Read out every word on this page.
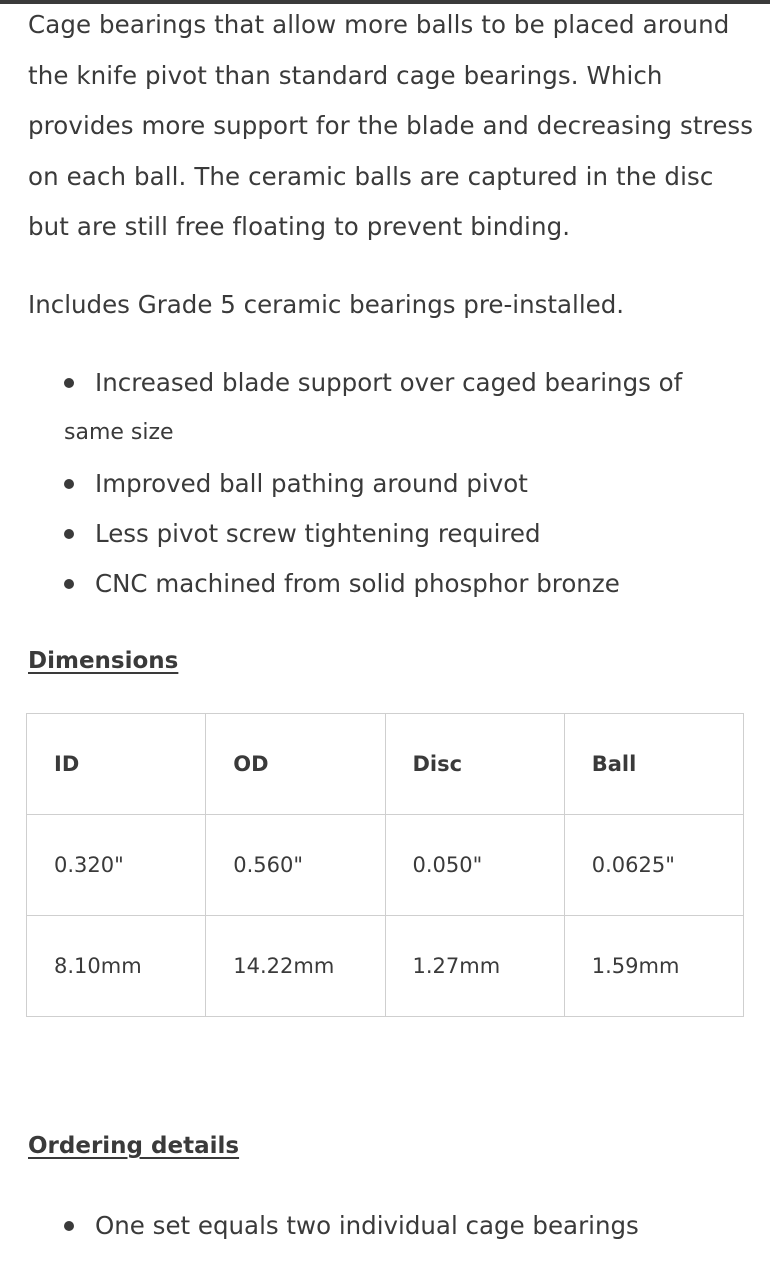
Cage bearings that allow more balls to be placed around the knife pivot than standard cage bearings. Which provides more support for the blade and decreasing stress on each ball. The ceramic balls are captured in the disc but are still free floating to prevent binding.

Includes Grade 5 ceramic bearings pre-installed.

Increased blade support over caged bearings of
same size
Improved ball pathing around pivot
Less pivot screw tightening required
CNC machined from solid phosphor bronze
Dimensions
ID	OD	Disc	Ball
0.320"	0.560"	0.050"	0.0625"
8.10mm	14.22mm	1.27mm	1.59mm
Ordering details
One set equals two individual cage bearings
